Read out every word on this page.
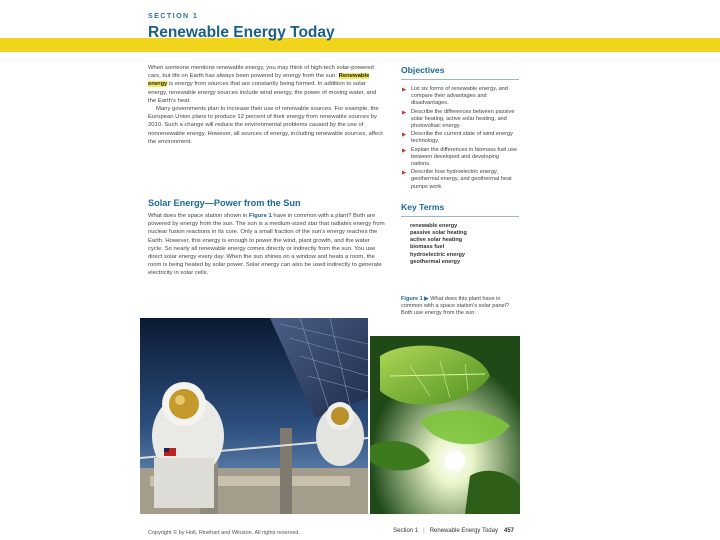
SECTION 1
Renewable Energy Today

When someone mentions renewable energy, you may think of high-tech solar-powered cars, but life on Earth has always been powered by energy from the sun. Renewable energy is energy from sources that are constantly being formed. In addition to solar energy, renewable energy sources include wind energy, the power of moving water, and the Earth's heat.

Many governments plan to increase their use of renewable sources. For example, the European Union plans to produce 12 percent of their energy from renewable sources by 2010. Such a change will reduce the environmental problems caused by the use of nonrenewable energy. However, all sources of energy, including renewable sources, affect the environment.

Solar Energy—Power from the Sun

What does the space station shown in Figure 1 have in common with a plant? Both are powered by energy from the sun. The sun is a medium-sized star that radiates energy from nuclear fusion reactions in its core. Only a small fraction of the sun's energy reaches the Earth. However, this energy is enough to power the wind, plant growth, and the water cycle. So nearly all renewable energy comes directly or indirectly from the sun. You use direct solar energy every day. When the sun shines on a window and heats a room, the room is being heated by solar power. Solar energy can also be used indirectly to generate electricity in solar cells.

Objectives
▶ List six forms of renewable energy, and compare their advantages and disadvantages.
▶ Describe the differences between passive solar heating, active solar heating, and photovoltaic energy.
▶ Describe the current state of wind energy technology.
▶ Explain the differences in biomass fuel use between developed and developing nations.
▶ Describe how hydroelectric energy, geothermal energy, and geothermal heat pumps work.
Key Terms
renewable energy
passive solar heating
active solar heating
biomass fuel
hydroelectric energy
geothermal energy
Figure 1 ▶ What does this plant have in common with a space station's solar panel? Both use energy from the sun.
Copyright © by Holt, Rinehart and Winston. All rights reserved.	Section 1 | Renewable Energy Today 457
